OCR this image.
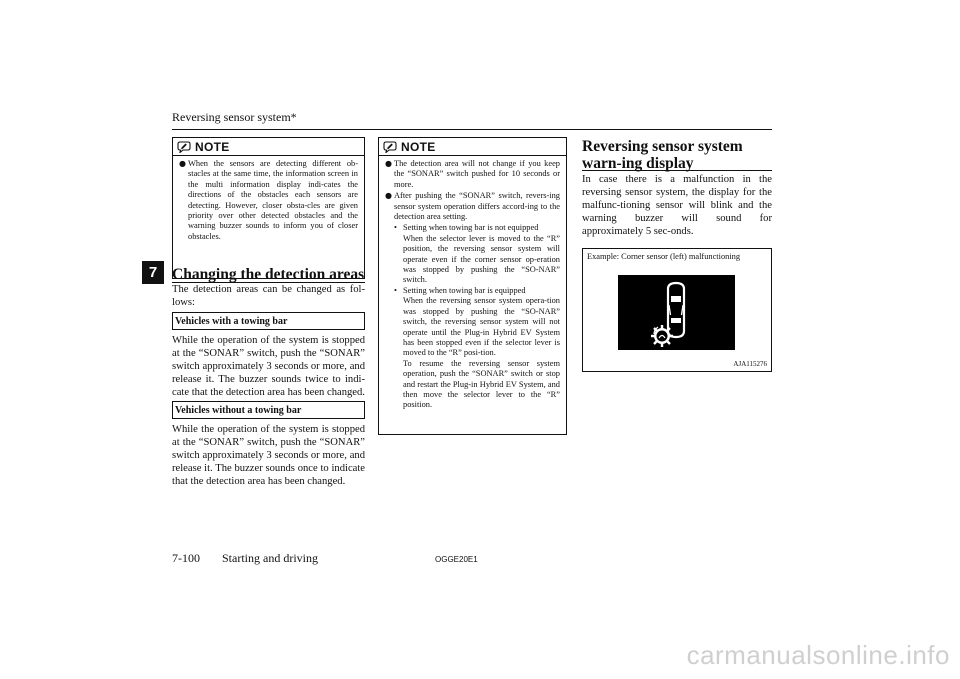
Reversing sensor system*
7
NOTE
● When the sensors are detecting different ob-stacles at the same time, the information screen in the multi information display indi-cates the directions of the obstacles each sensors are detecting. However, closer obsta-cles are given priority over other detected obstacles and the warning buzzer sounds to inform you of closer obstacles.
Changing the detection areas
The detection areas can be changed as fol-lows:
Vehicles with a towing bar
While the operation of the system is stopped at the “SONAR” switch, push the “SONAR” switch approximately 3 seconds or more, and release it. The buzzer sounds twice to indi-cate that the detection area has been changed.
Vehicles without a towing bar
While the operation of the system is stopped at the “SONAR” switch, push the “SONAR” switch approximately 3 seconds or more, and release it. The buzzer sounds once to indicate that the detection area has been changed.
NOTE
● The detection area will not change if you keep the “SONAR” switch pushed for 10 seconds or more.
● After pushing the “SONAR” switch, revers-ing sensor system operation differs accord-ing to the detection area setting.
• Setting when towing bar is not equipped
When the selector lever is moved to the “R” position, the reversing sensor system will operate even if the corner sensor op-eration was stopped by pushing the “SO-NAR” switch.
• Setting when towing bar is equipped
When the reversing sensor system opera-tion was stopped by pushing the “SO-NAR” switch, the reversing sensor system will not operate until the Plug-in Hybrid EV System has been stopped even if the selector lever is moved to the “R” posi-tion.
To resume the reversing sensor system operation, push the “SONAR” switch or stop and restart the Plug-in Hybrid EV System, and then move the selector lever to the “R” position.
Reversing sensor system warn-ing display
In case there is a malfunction in the reversing sensor system, the display for the malfunc-tioning sensor will blink and the warning buzzer will sound for approximately 5 sec-onds.
Example: Corner sensor (left) malfunctioning
AJA115276
7-100 Starting and driving	OGGE20E1
carmanualsonline.info
